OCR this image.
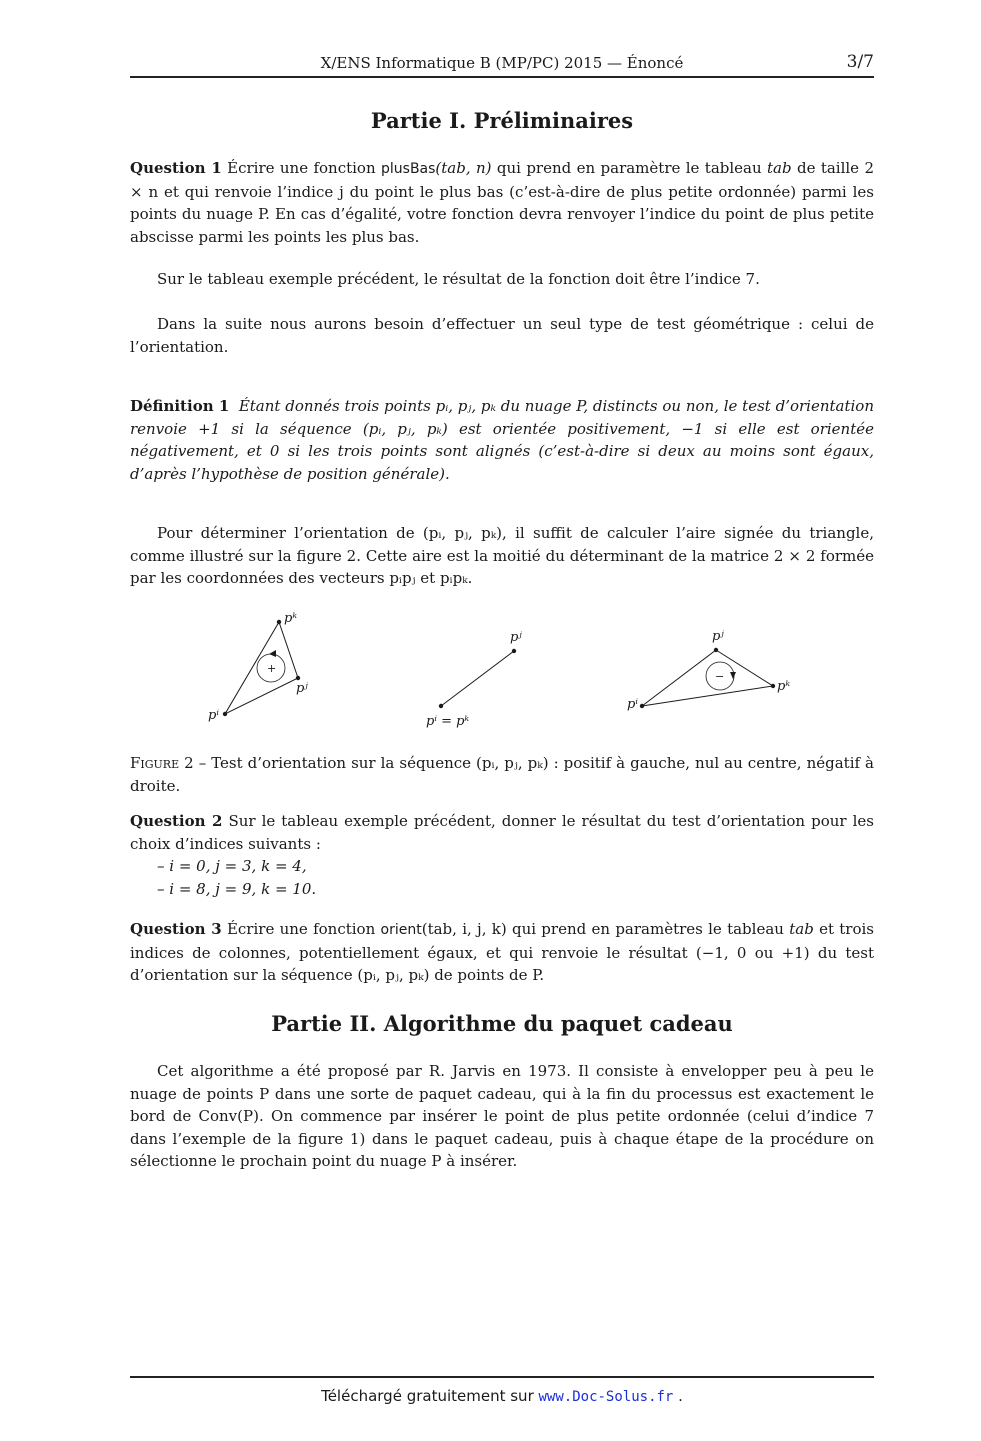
X/ENS Informatique B (MP/PC) 2015 — Énoncé	3/7
Partie I. Préliminaires

Question 1 Écrire une fonction plusBas(tab, n) qui prend en paramètre le tableau tab de taille 2 × n et qui renvoie l’indice j du point le plus bas (c’est-à-dire de plus petite ordonnée) parmi les points du nuage P. En cas d’égalité, votre fonction devra renvoyer l’indice du point de plus petite abscisse parmi les points les plus bas.

Sur le tableau exemple précédent, le résultat de la fonction doit être l’indice 7.

Dans la suite nous aurons besoin d’effectuer un seul type de test géométrique : celui de l’orientation.

Définition 1 Étant donnés trois points pᵢ, pⱼ, pₖ du nuage P, distincts ou non, le test d’orientation renvoie +1 si la séquence (pᵢ, pⱼ, pₖ) est orientée positivement, −1 si elle est orientée négativement, et 0 si les trois points sont alignés (c’est-à-dire si deux au moins sont égaux, d’après l’hypothèse de position générale).

Pour déterminer l’orientation de (pᵢ, pⱼ, pₖ), il suffit de calculer l’aire signée du triangle, comme illustré sur la figure 2. Cette aire est la moitié du déterminant de la matrice 2 × 2 formée par les coordonnées des vecteurs pᵢpⱼ et pᵢpₖ.

+
pᵏ
pʲ
pⁱ
pʲ
pⁱ = pᵏ
−
pʲ
pᵏ
pⁱ

Figure 2 – Test d’orientation sur la séquence (pᵢ, pⱼ, pₖ) : positif à gauche, nul au centre, négatif à droite.

Question 2 Sur le tableau exemple précédent, donner le résultat du test d’orientation pour les choix d’indices suivants :
– i = 0, j = 3, k = 4,
– i = 8, j = 9, k = 10.

Question 3 Écrire une fonction orient(tab, i, j, k) qui prend en paramètres le tableau tab et trois indices de colonnes, potentiellement égaux, et qui renvoie le résultat (−1, 0 ou +1) du test d’orientation sur la séquence (pᵢ, pⱼ, pₖ) de points de P.

Partie II. Algorithme du paquet cadeau

Cet algorithme a été proposé par R. Jarvis en 1973. Il consiste à envelopper peu à peu le nuage de points P dans une sorte de paquet cadeau, qui à la fin du processus est exactement le bord de Conv(P). On commence par insérer le point de plus petite ordonnée (celui d’indice 7 dans l’exemple de la figure 1) dans le paquet cadeau, puis à chaque étape de la procédure on sélectionne le prochain point du nuage P à insérer.

Téléchargé gratuitement sur www.Doc-Solus.fr .
